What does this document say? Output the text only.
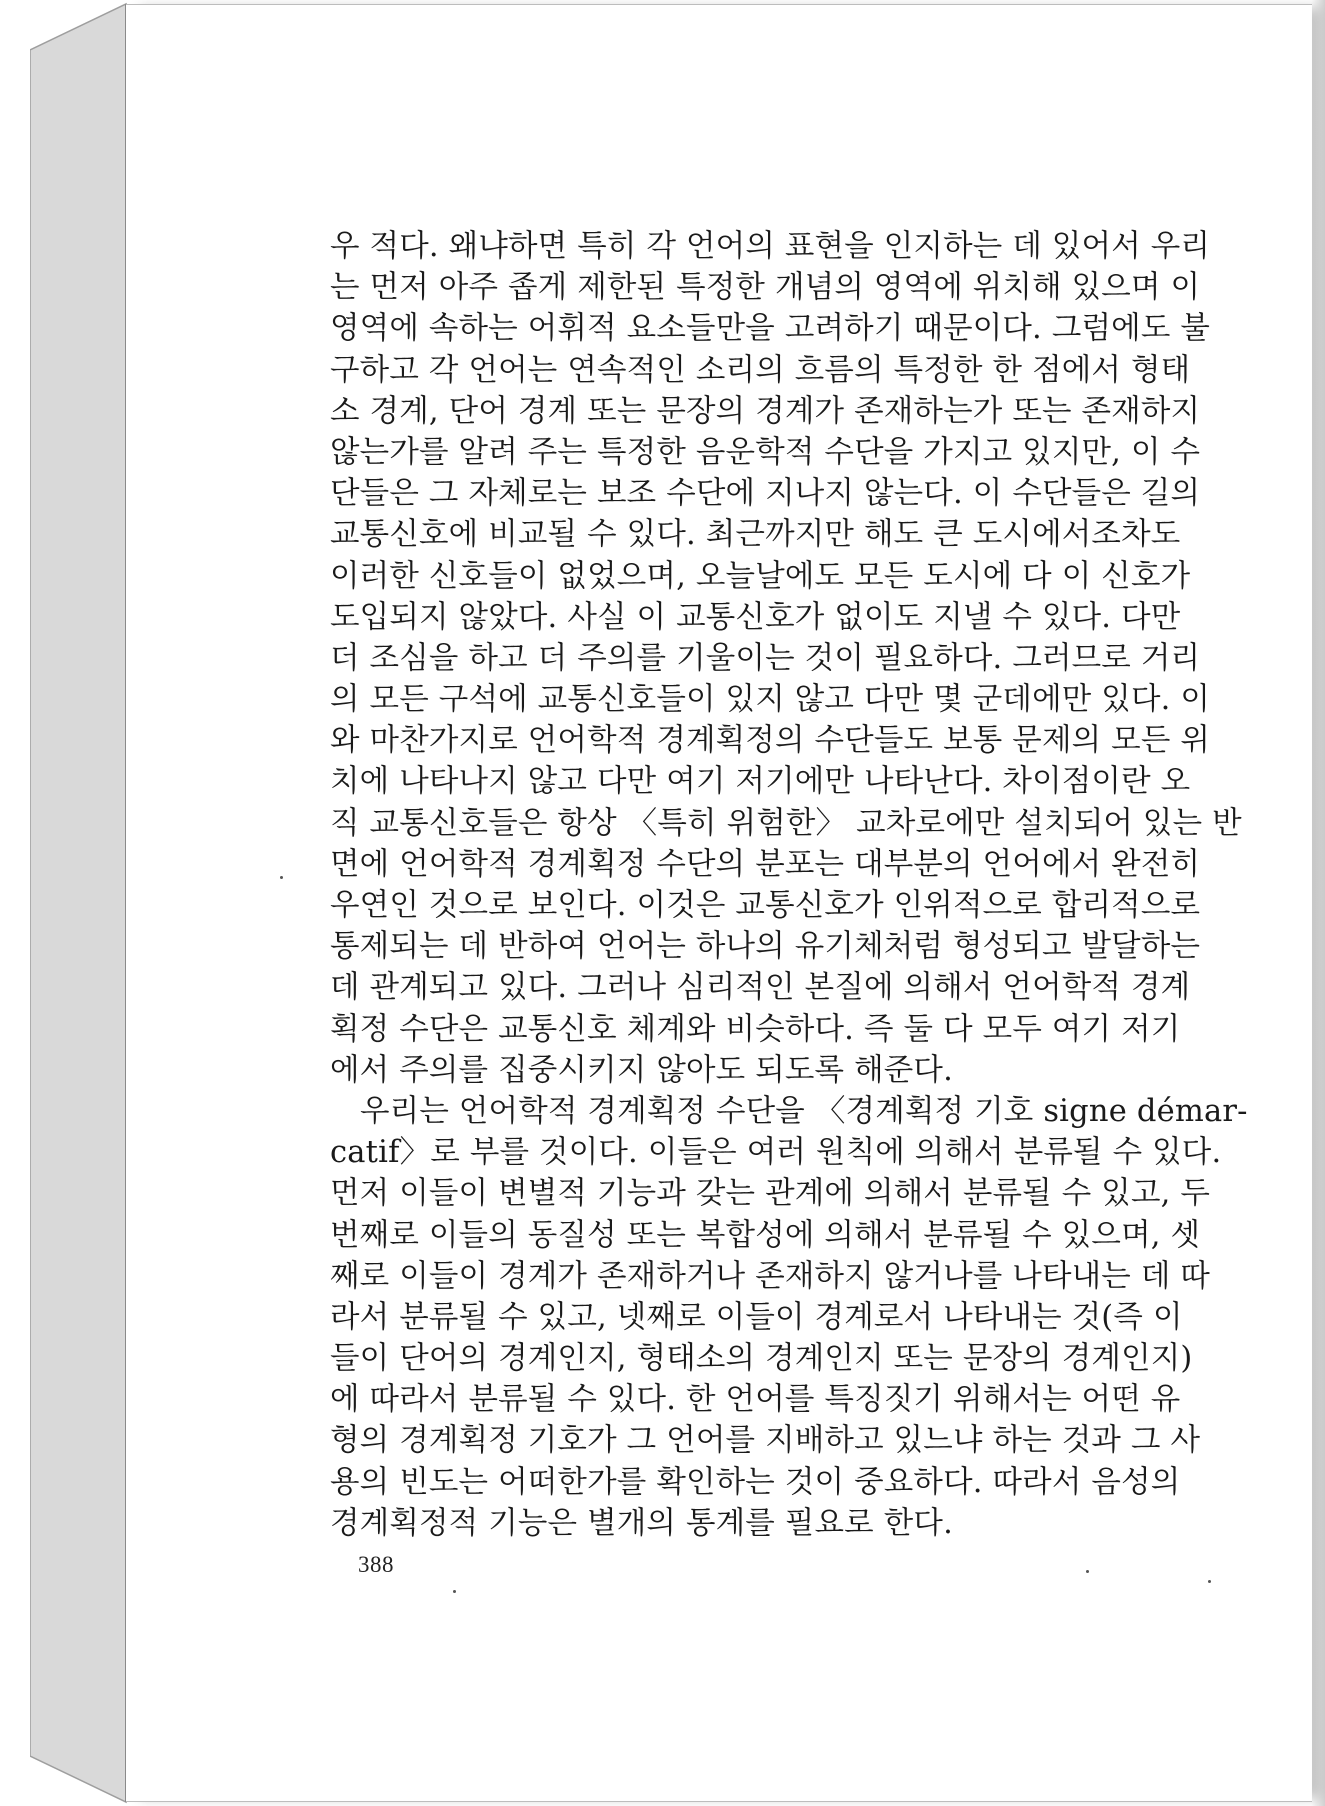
우 적다. 왜냐하면 특히 각 언어의 표현을 인지하는 데 있어서 우리
는 먼저 아주 좁게 제한된 특정한 개념의 영역에 위치해 있으며 이
영역에 속하는 어휘적 요소들만을 고려하기 때문이다. 그럼에도 불
구하고 각 언어는 연속적인 소리의 흐름의 특정한 한 점에서 형태
소 경계, 단어 경계 또는 문장의 경계가 존재하는가 또는 존재하지
않는가를 알려 주는 특정한 음운학적 수단을 가지고 있지만, 이 수
단들은 그 자체로는 보조 수단에 지나지 않는다. 이 수단들은 길의
교통신호에 비교될 수 있다. 최근까지만 해도 큰 도시에서조차도
이러한 신호들이 없었으며, 오늘날에도 모든 도시에 다 이 신호가
도입되지 않았다. 사실 이 교통신호가 없이도 지낼 수 있다. 다만
더 조심을 하고 더 주의를 기울이는 것이 필요하다. 그러므로 거리
의 모든 구석에 교통신호들이 있지 않고 다만 몇 군데에만 있다. 이
와 마찬가지로 언어학적 경계획정의 수단들도 보통 문제의 모든 위
치에 나타나지 않고 다만 여기 저기에만 나타난다. 차이점이란 오
직 교통신호들은 항상 〈특히 위험한〉 교차로에만 설치되어 있는 반
면에 언어학적 경계획정 수단의 분포는 대부분의 언어에서 완전히
우연인 것으로 보인다. 이것은 교통신호가 인위적으로 합리적으로
통제되는 데 반하여 언어는 하나의 유기체처럼 형성되고 발달하는
데 관계되고 있다. 그러나 심리적인 본질에 의해서 언어학적 경계
획정 수단은 교통신호 체계와 비슷하다. 즉 둘 다 모두 여기 저기
에서 주의를 집중시키지 않아도 되도록 해준다.
우리는 언어학적 경계획정 수단을 〈경계획정 기호 signe démar-
catif〉로 부를 것이다. 이들은 여러 원칙에 의해서 분류될 수 있다.
먼저 이들이 변별적 기능과 갖는 관계에 의해서 분류될 수 있고, 두
번째로 이들의 동질성 또는 복합성에 의해서 분류될 수 있으며, 셋
째로 이들이 경계가 존재하거나 존재하지 않거나를 나타내는 데 따
라서 분류될 수 있고, 넷째로 이들이 경계로서 나타내는 것(즉 이
들이 단어의 경계인지, 형태소의 경계인지 또는 문장의 경계인지)
에 따라서 분류될 수 있다. 한 언어를 특징짓기 위해서는 어떤 유
형의 경계획정 기호가 그 언어를 지배하고 있느냐 하는 것과 그 사
용의 빈도는 어떠한가를 확인하는 것이 중요하다. 따라서 음성의
경계획정적 기능은 별개의 통계를 필요로 한다.
388
